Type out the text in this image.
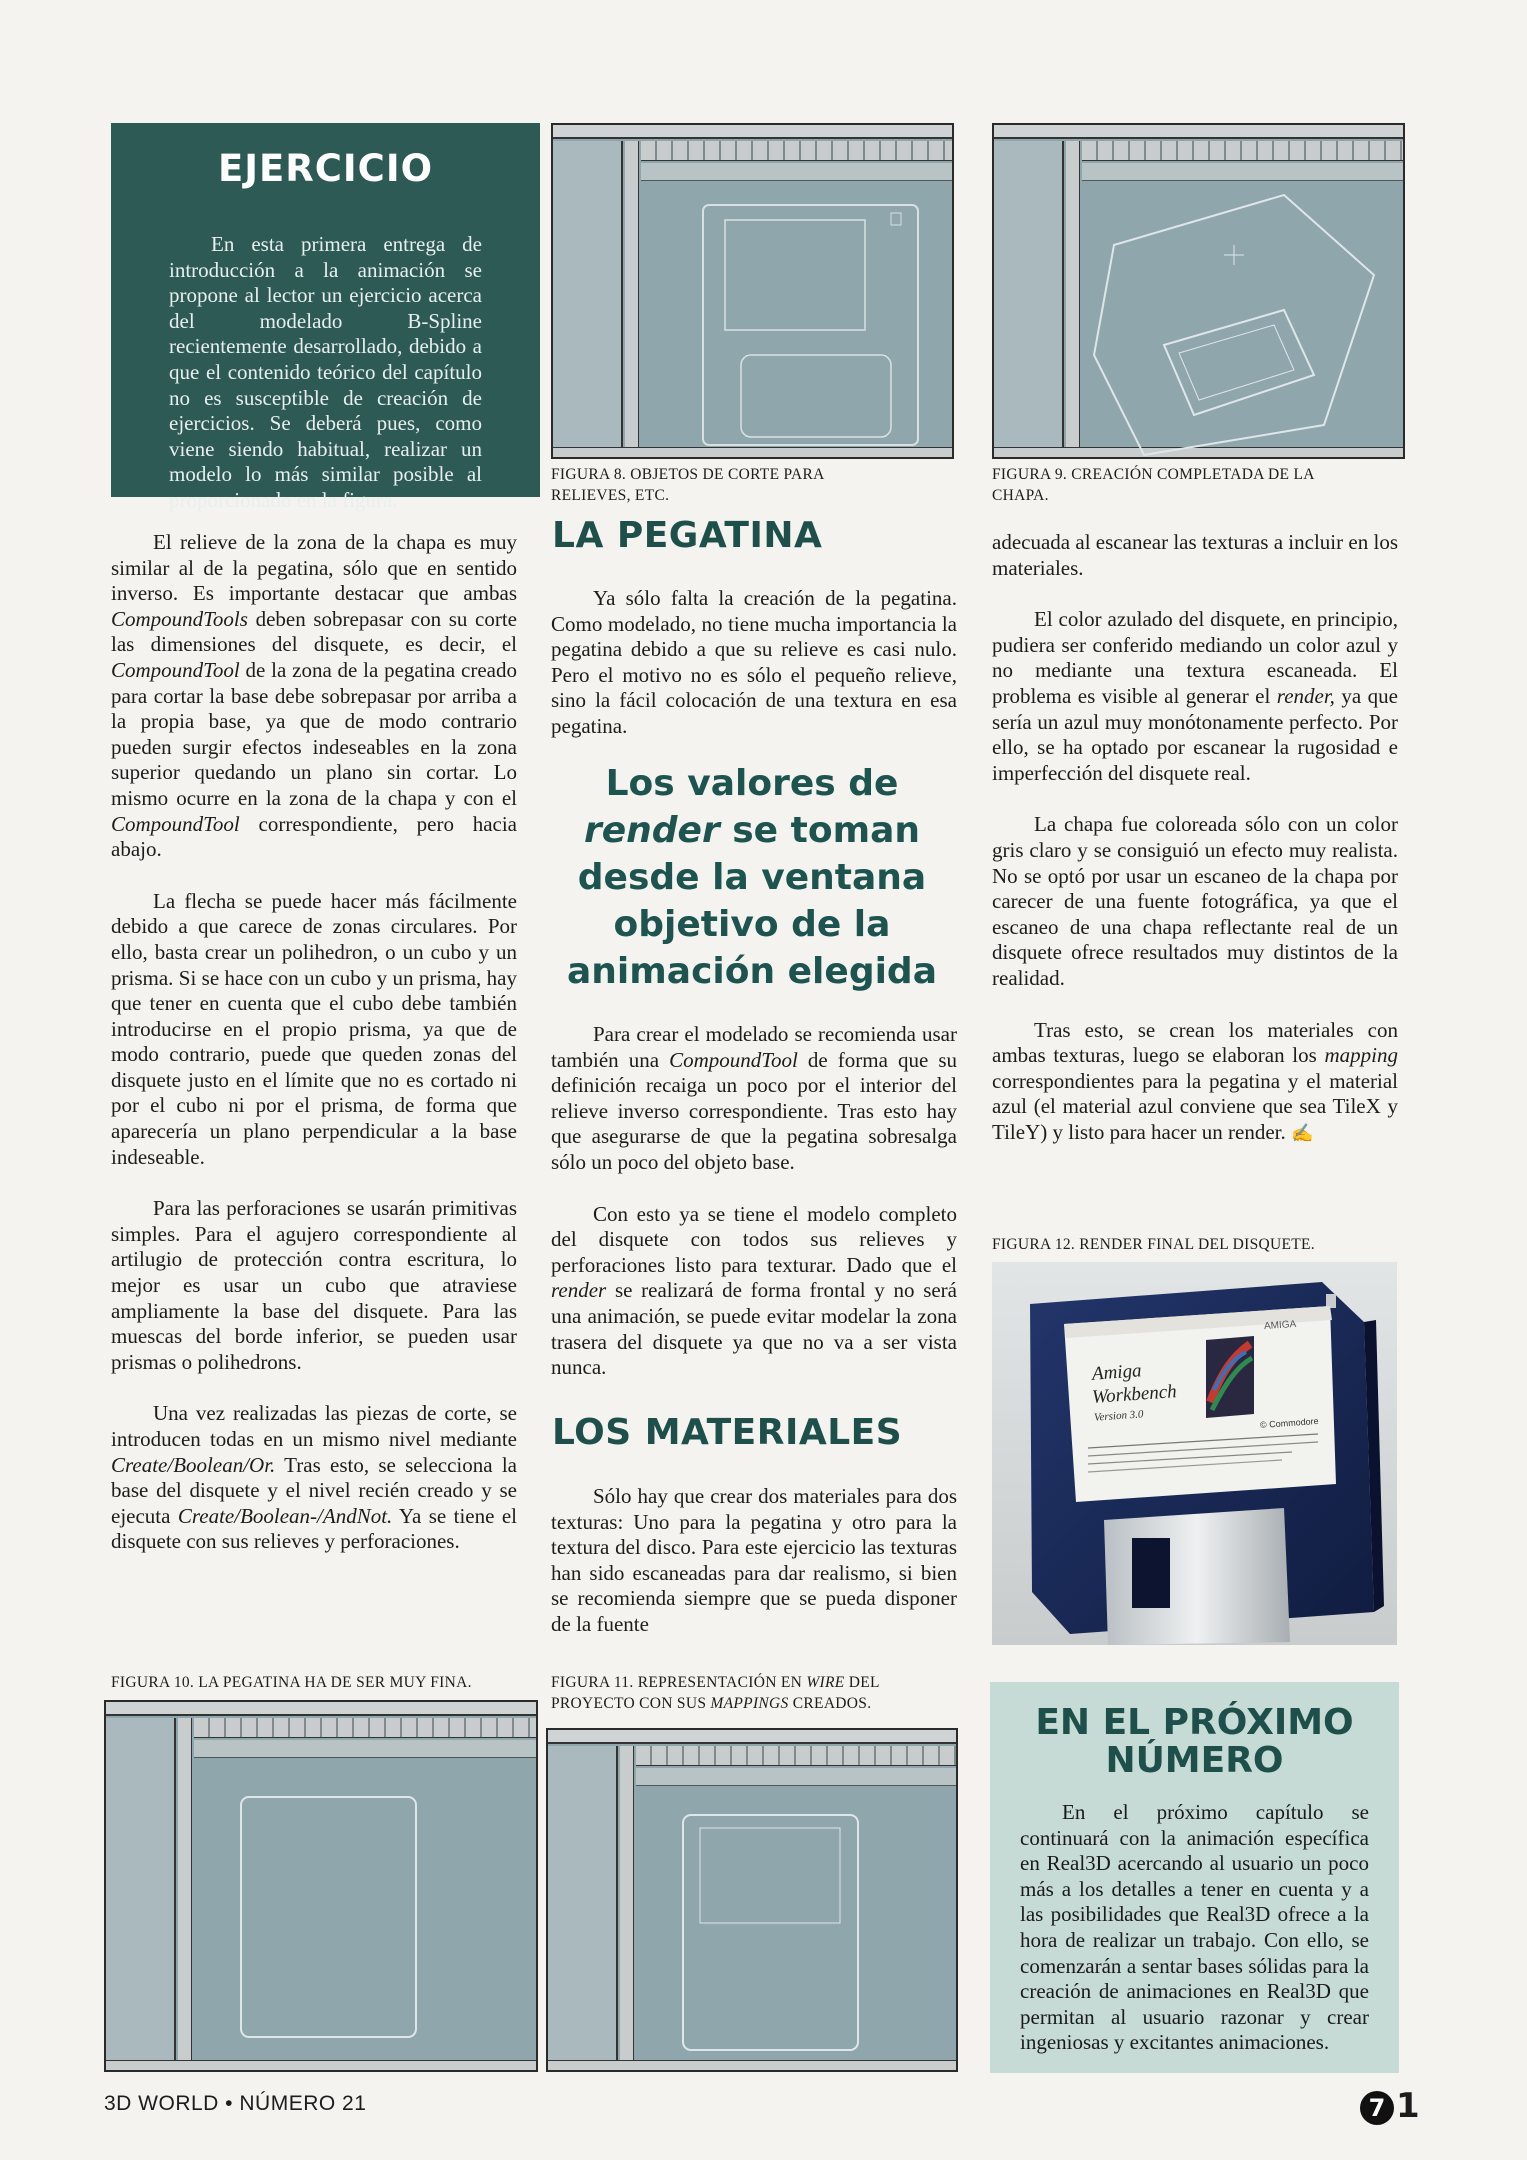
EJERCICIO

En esta primera entrega de introducción a la animación se propone al lector un ejercicio acerca del modelado B-Spline recientemente desarrollado, debido a que el contenido teórico del capítulo no es susceptible de creación de ejercicios. Se deberá pues, como viene siendo habitual, realizar un modelo lo más similar posible al proporcionado en la figura.

FIGURA 8. OBJETOS DE CORTE PARA RELIEVES, ETC.
FIGURA 9. CREACIÓN COMPLETADA DE LA CHAPA.

El relieve de la zona de la chapa es muy similar al de la pegatina, sólo que en sentido inverso. Es importante destacar que ambas CompoundTools deben sobrepasar con su corte las dimensiones del disquete, es decir, el CompoundTool de la zona de la pegatina creado para cortar la base debe sobrepasar por arriba a la propia base, ya que de modo contrario pueden surgir efectos indeseables en la zona superior quedando un plano sin cortar. Lo mismo ocurre en la zona de la chapa y con el CompoundTool correspondiente, pero hacia abajo.

La flecha se puede hacer más fácilmente debido a que carece de zonas circulares. Por ello, basta crear un polihedron, o un cubo y un prisma. Si se hace con un cubo y un prisma, hay que tener en cuenta que el cubo debe también introducirse en el propio prisma, ya que de modo contrario, puede que queden zonas del disquete justo en el límite que no es cortado ni por el cubo ni por el prisma, de forma que aparecería un plano perpendicular a la base indeseable.

Para las perforaciones se usarán primitivas simples. Para el agujero correspondiente al artilugio de protección contra escritura, lo mejor es usar un cubo que atraviese ampliamente la base del disquete. Para las muescas del borde inferior, se pueden usar prismas o polihedrons.

Una vez realizadas las piezas de corte, se introducen todas en un mismo nivel mediante Create/Boolean/Or. Tras esto, se selecciona la base del disquete y el nivel recién creado y se ejecuta Create/Boolean-/AndNot. Ya se tiene el disquete con sus relieves y perforaciones.

FIGURA 10. LA PEGATINA HA DE SER MUY FINA.
LA PEGATINA

Ya sólo falta la creación de la pegatina. Como modelado, no tiene mucha importancia la pegatina debido a que su relieve es casi nulo. Pero el motivo no es sólo el pequeño relieve, sino la fácil colocación de una textura en esa pegatina.

Los valores de
render se toman desde la ventana objetivo de la animación elegida

Para crear el modelado se recomienda usar también una CompoundTool de forma que su definición recaiga un poco por el interior del relieve inverso correspondiente. Tras esto hay que asegurarse de que la pegatina sobresalga sólo un poco del objeto base.

Con esto ya se tiene el modelo completo del disquete con todos sus relieves y perforaciones listo para texturar. Dado que el render se realizará de forma frontal y no será una animación, se puede evitar modelar la zona trasera del disquete ya que no va a ser vista nunca.

LOS MATERIALES

Sólo hay que crear dos materiales para dos texturas: Uno para la pegatina y otro para la textura del disco. Para este ejercicio las texturas han sido escaneadas para dar realismo, si bien se recomienda siempre que se pueda disponer de la fuente

FIGURA 11. REPRESENTACIÓN EN WIRE DEL PROYECTO CON SUS MAPPINGS CREADOS.

adecuada al escanear las texturas a incluir en los materiales.

El color azulado del disquete, en principio, pudiera ser conferido mediando un color azul y no mediante una textura escaneada. El problema es visible al generar el render, ya que sería un azul muy monótonamente perfecto. Por ello, se ha optado por escanear la rugosidad e imperfección del disquete real.

La chapa fue coloreada sólo con un color gris claro y se consiguió un efecto muy realista. No se optó por usar un escaneo de la chapa por carecer de una fuente fotográfica, ya que el escaneo de una chapa reflectante real de un disquete ofrece resultados muy distintos de la realidad.

Tras esto, se crean los materiales con ambas texturas, luego se elaboran los mapping correspondientes para la pegatina y el material azul (el material azul conviene que sea TileX y TileY) y listo para hacer un render. ✍

FIGURA 12. RENDER FINAL DEL DISQUETE.
Amiga
Workbench
Version 3.0
AMIGA
© Commodore
EN EL PRÓXIMO
NÚMERO

En el próximo capítulo se continuará con la animación específica en Real3D acercando al usuario un poco más a los detalles a tener en cuenta y a las posibilidades que Real3D ofrece a la hora de realizar un trabajo. Con ello, se comenzarán a sentar bases sólidas para la creación de animaciones en Real3D que permitan al usuario razonar y crear ingeniosas y excitantes animaciones.

3D WORLD • NÚMERO 21	7 1
